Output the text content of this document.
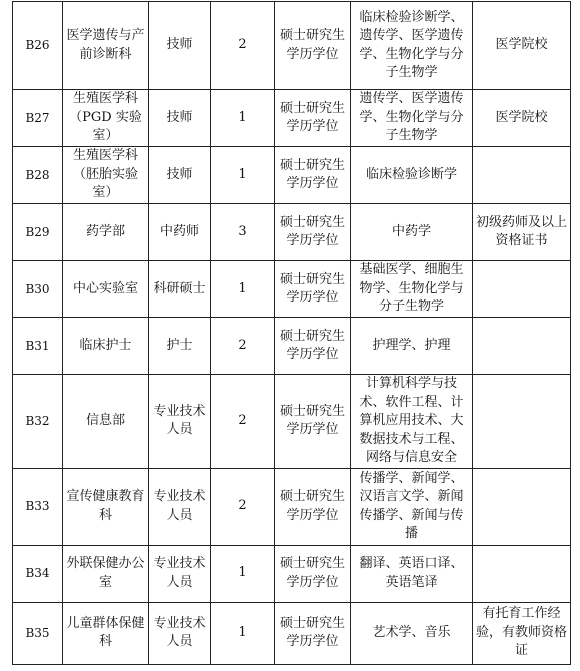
B26	医学遗传与产前诊断科	技师	2	硕士研究生学历学位	临床检验诊断学、遗传学、医学遗传学、生物化学与分子生物学	医学院校
B27	生殖医学科（PGD 实验室）	技师	1	硕士研究生学历学位	遗传学、医学遗传学、生物化学与分子生物学	医学院校
B28	生殖医学科（胚胎实验室）	技师	1	硕士研究生学历学位	临床检验诊断学	
B29	药学部	中药师	3	硕士研究生学历学位	中药学	初级药师及以上资格证书
B30	中心实验室	科研硕士	1	硕士研究生学历学位	基础医学、细胞生物学、生物化学与分子生物学	
B31	临床护士	护士	2	硕士研究生学历学位	护理学、护理	
B32	信息部	专业技术人员	2	硕士研究生学历学位	计算机科学与技术、软件工程、计算机应用技术、大数据技术与工程、网络与信息安全	
B33	宣传健康教育科	专业技术人员	2	硕士研究生学历学位	传播学、新闻学、汉语言文学、新闻传播学、新闻与传播	
B34	外联保健办公室	专业技术人员	1	硕士研究生学历学位	翻译、英语口译、英语笔译	
B35	儿童群体保健科	专业技术人员	1	硕士研究生学历学位	艺术学、音乐	有托育工作经验，有教师资格证
